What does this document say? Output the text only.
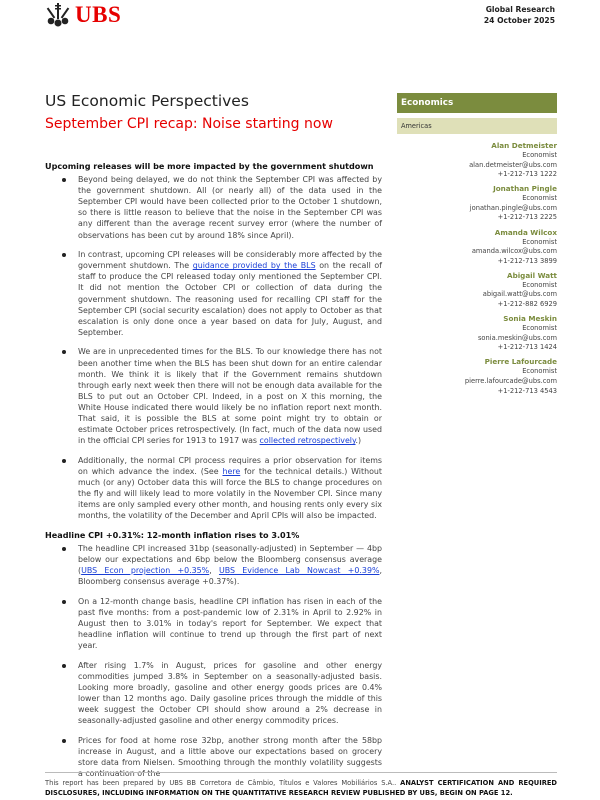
UBS	Global Research
24 October 2025
US Economic Perspectives
September CPI recap: Noise starting now
Upcoming releases will be more impacted by the government shutdown
Beyond being delayed, we do not think the September CPI was affected by the government shutdown. All (or nearly all) of the data used in the September CPI would have been collected prior to the October 1 shutdown, so there is little reason to believe that the noise in the September CPI was any different than the average recent survey error (where the number of observations has been cut by around 18% since April).
In contrast, upcoming CPI releases will be considerably more affected by the government shutdown. The guidance provided by the BLS on the recall of staff to produce the CPI released today only mentioned the September CPI. It did not mention the October CPI or collection of data during the government shutdown. The reasoning used for recalling CPI staff for the September CPI (social security escalation) does not apply to October as that escalation is only done once a year based on data for July, August, and September.
We are in unprecedented times for the BLS. To our knowledge there has not been another time when the BLS has been shut down for an entire calendar month. We think it is likely that if the Government remains shutdown through early next week then there will not be enough data available for the BLS to put out an October CPI. Indeed, in a post on X this morning, the White House indicated there would likely be no inflation report next month. That said, it is possible the BLS at some point might try to obtain or estimate October prices retrospectively. (In fact, much of the data now used in the official CPI series for 1913 to 1917 was collected retrospectively.)
Additionally, the normal CPI process requires a prior observation for items on which advance the index. (See here for the technical details.) Without much (or any) October data this will force the BLS to change procedures on the fly and will likely lead to more volatily in the November CPI. Since many items are only sampled every other month, and housing rents only every six months, the volatility of the December and April CPIs will also be impacted.
Headline CPI +0.31%: 12-month inflation rises to 3.01%
The headline CPI increased 31bp (seasonally-adjusted) in September — 4bp below our expectations and 6bp below the Bloomberg consensus average (UBS Econ projection +0.35%, UBS Evidence Lab Nowcast +0.39%, Bloomberg consensus average +0.37%).
On a 12-month change basis, headline CPI inflation has risen in each of the past five months: from a post-pandemic low of 2.31% in April to 2.92% in August then to 3.01% in today's report for September. We expect that headline inflation will continue to trend up through the first part of next year.
After rising 1.7% in August, prices for gasoline and other energy commodities jumped 3.8% in September on a seasonally-adjusted basis. Looking more broadly, gasoline and other energy goods prices are 0.4% lower than 12 months ago. Daily gasoline prices through the middle of this week suggest the October CPI should show around a 2% decrease in seasonally-adjusted gasoline and other energy commodity prices.
Prices for food at home rose 32bp, another strong month after the 58bp increase in August, and a little above our expectations based on grocery store data from Nielsen. Smoothing through the monthly volatility suggests a continuation of the
Economics
Americas
Alan Detmeister
Economist
alan.detmeister@ubs.com
+1-212-713 1222
Jonathan Pingle
Economist
jonathan.pingle@ubs.com
+1-212-713 2225
Amanda Wilcox
Economist
amanda.wilcox@ubs.com
+1-212-713 3899
Abigail Watt
Economist
abigail.watt@ubs.com
+1-212-882 6929
Sonia Meskin
Economist
sonia.meskin@ubs.com
+1-212-713 1424
Pierre Lafourcade
Economist
pierre.lafourcade@ubs.com
+1-212-713 4543
This report has been prepared by UBS BB Corretora de Câmbio, Títulos e Valores Mobiliários S.A.. ANALYST CERTIFICATION AND REQUIRED DISCLOSURES, INCLUDING INFORMATION ON THE QUANTITATIVE RESEARCH REVIEW PUBLISHED BY UBS, BEGIN ON PAGE 12.
